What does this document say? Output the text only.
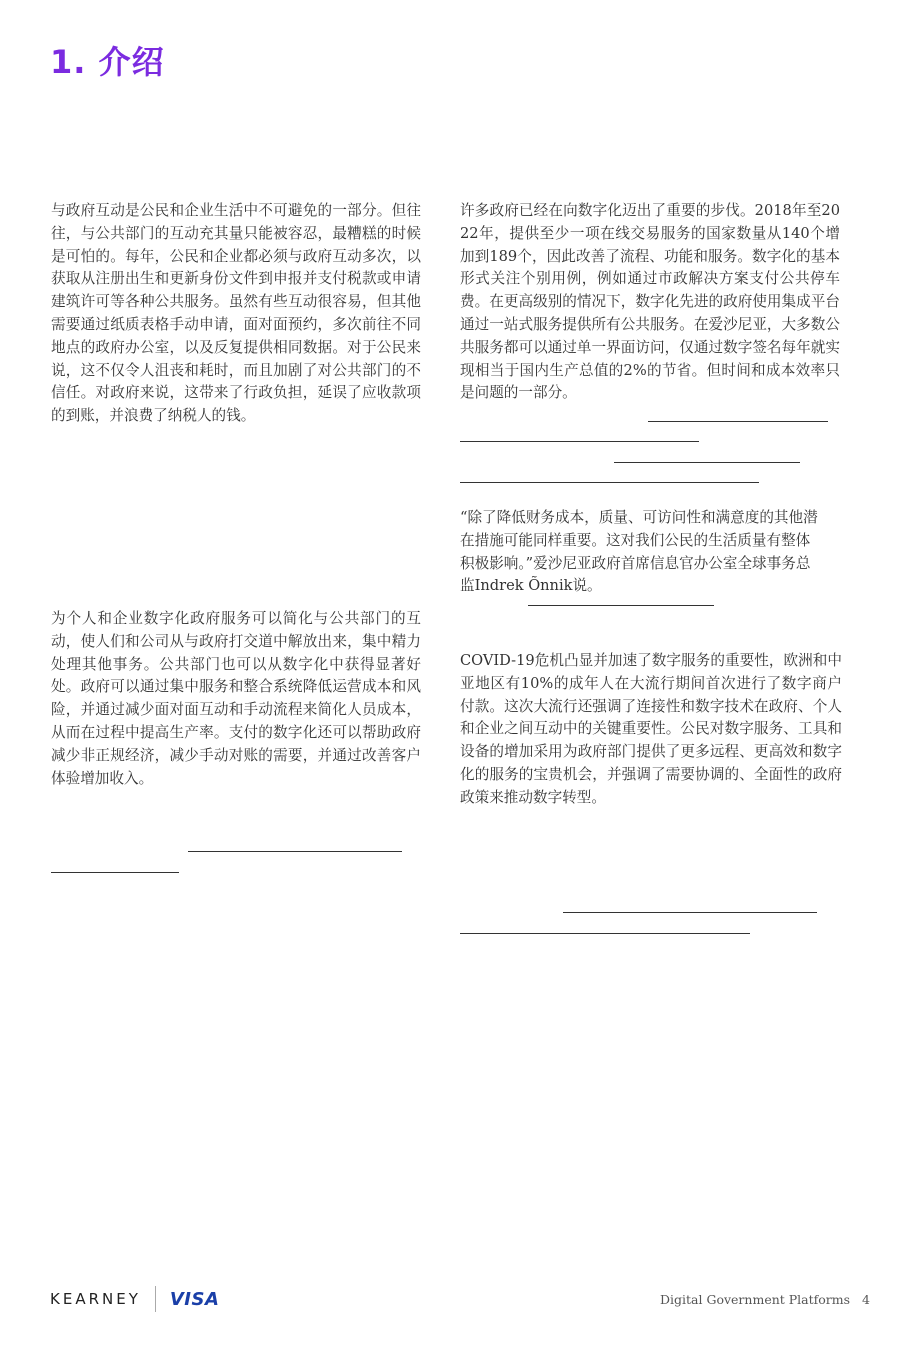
1. 介绍

与政府互动是公民和企业生活中不可避免的一部分。但往往，与公共部门的互动充其量只能被容忍，最糟糕的时候是可怕的。每年，公民和企业都必须与政府互动多次，以获取从注册出生和更新身份文件到申报并支付税款或申请建筑许可等各种公共服务。虽然有些互动很容易，但其他需要通过纸质表格手动申请，面对面预约，多次前往不同地点的政府办公室，以及反复提供相同数据。对于公民来说，这不仅令人沮丧和耗时，而且加剧了对公共部门的不信任。对政府来说，这带来了行政负担，延误了应收款项的到账，并浪费了纳税人的钱。

为个人和企业数字化政府服务可以简化与公共部门的互动，使人们和公司从与政府打交道中解放出来，集中精力处理其他事务。公共部门也可以从数字化中获得显著好处。政府可以通过集中服务和整合系统降低运营成本和风险，并通过减少面对面互动和手动流程来简化人员成本，从而在过程中提高生产率。支付的数字化还可以帮助政府减少非正规经济，减少手动对账的需要，并通过改善客户体验增加收入。

许多政府已经在向数字化迈出了重要的步伐。2018年至2022年，提供至少一项在线交易服务的国家数量从140个增加到189个，因此改善了流程、功能和服务。数字化的基本形式关注个别用例，例如通过市政解决方案支付公共停车费。在更高级别的情况下，数字化先进的政府使用集成平台通过一站式服务提供所有公共服务。在爱沙尼亚，大多数公共服务都可以通过单一界面访问，仅通过数字签名每年就实现相当于国内生产总值的2%的节省。但时间和成本效率只是问题的一部分。

“除了降低财务成本，质量、可访问性和满意度的其他潜在措施可能同样重要。这对我们公民的生活质量有整体积极影响。”爱沙尼亚政府首席信息官办公室全球事务总监Indrek Õnnik说。

COVID-19危机凸显并加速了数字服务的重要性，欧洲和中亚地区有10%的成年人在大流行期间首次进行了数字商户付款。这次大流行还强调了连接性和数字技术在政府、个人和企业之间互动中的关键重要性。公民对数字服务、工具和设备的增加采用为政府部门提供了更多远程、更高效和数字化的服务的宝贵机会，并强调了需要协调的、全面性的政府政策来推动数字转型。

KEARNEY VISA	Digital Government Platforms 4
